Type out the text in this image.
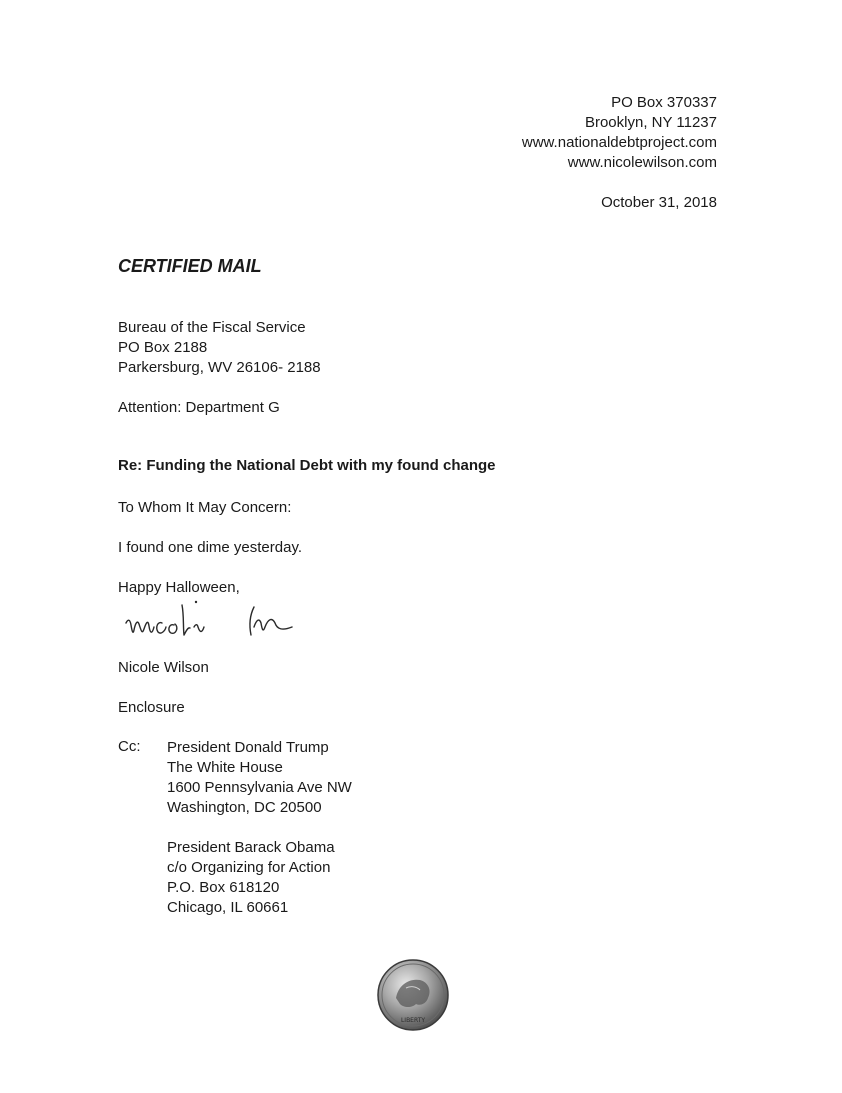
PO Box 370337
Brooklyn, NY 11237
www.nationaldebtproject.com
www.nicolewilson.com
October 31, 2018
CERTIFIED MAIL
Bureau of the Fiscal Service
PO Box 2188
Parkersburg, WV 26106- 2188
Attention: Department G
Re: Funding the National Debt with my found change
To Whom It May Concern:
I found one dime yesterday.
Happy Halloween,
Nicole Wilson
Enclosure
Cc: President Donald Trump
The White House
1600 Pennsylvania Ave NW
Washington, DC 20500
President Barack Obama
c/o Organizing for Action
P.O. Box 618120
Chicago, IL 60661
LIBERTY
